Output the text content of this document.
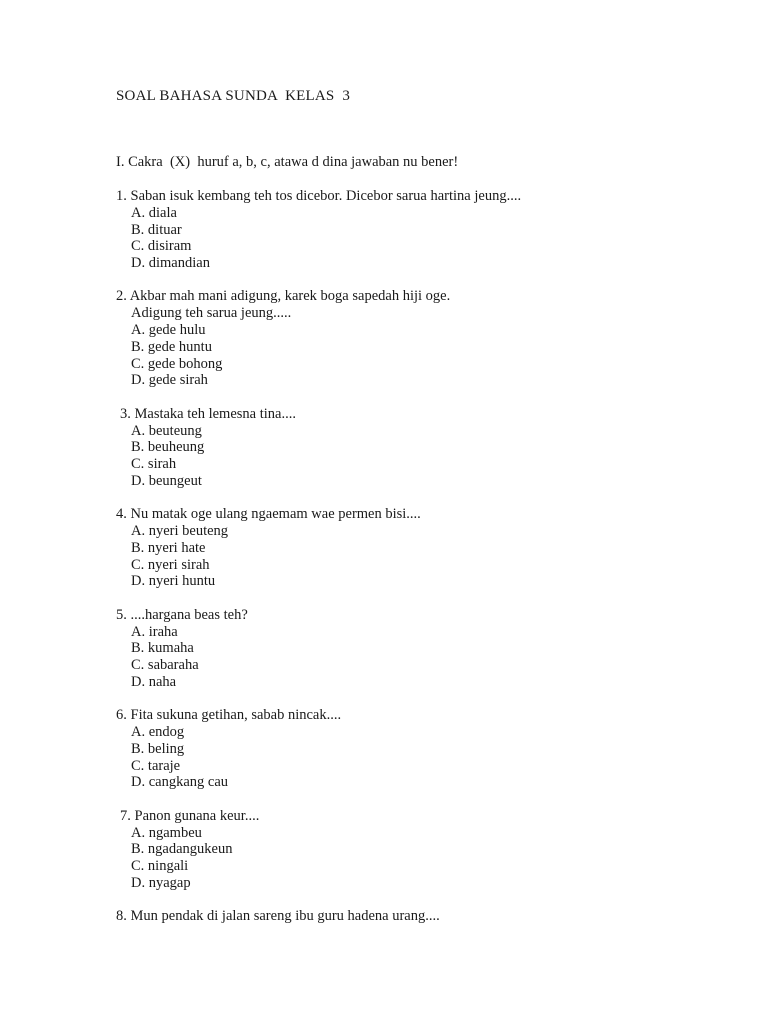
SOAL BAHASA SUNDA  KELAS  3
I. Cakra  (X)  huruf a, b, c, atawa d dina jawaban nu bener!
1. Saban isuk kembang teh tos dicebor. Dicebor sarua hartina jeung....
A. diala
B. dituar
C. disiram
D. dimandian
2. Akbar mah mani adigung, karek boga sapedah hiji oge.
Adigung teh sarua jeung.....
A. gede hulu
B. gede huntu
C. gede bohong
D. gede sirah
3. Mastaka teh lemesna tina....
A. beuteung
B. beuheung
C. sirah
D. beungeut
4. Nu matak oge ulang ngaemam wae permen bisi....
A. nyeri beuteng
B. nyeri hate
C. nyeri sirah
D. nyeri huntu
5. ....hargana beas teh?
A. iraha
B. kumaha
C. sabaraha
D. naha
6. Fita sukuna getihan, sabab nincak....
A. endog
B. beling
C. taraje
D. cangkang cau
7. Panon gunana keur....
A. ngambeu
B. ngadangukeun
C. ningali
D. nyagap
8. Mun pendak di jalan sareng ibu guru hadena urang....
